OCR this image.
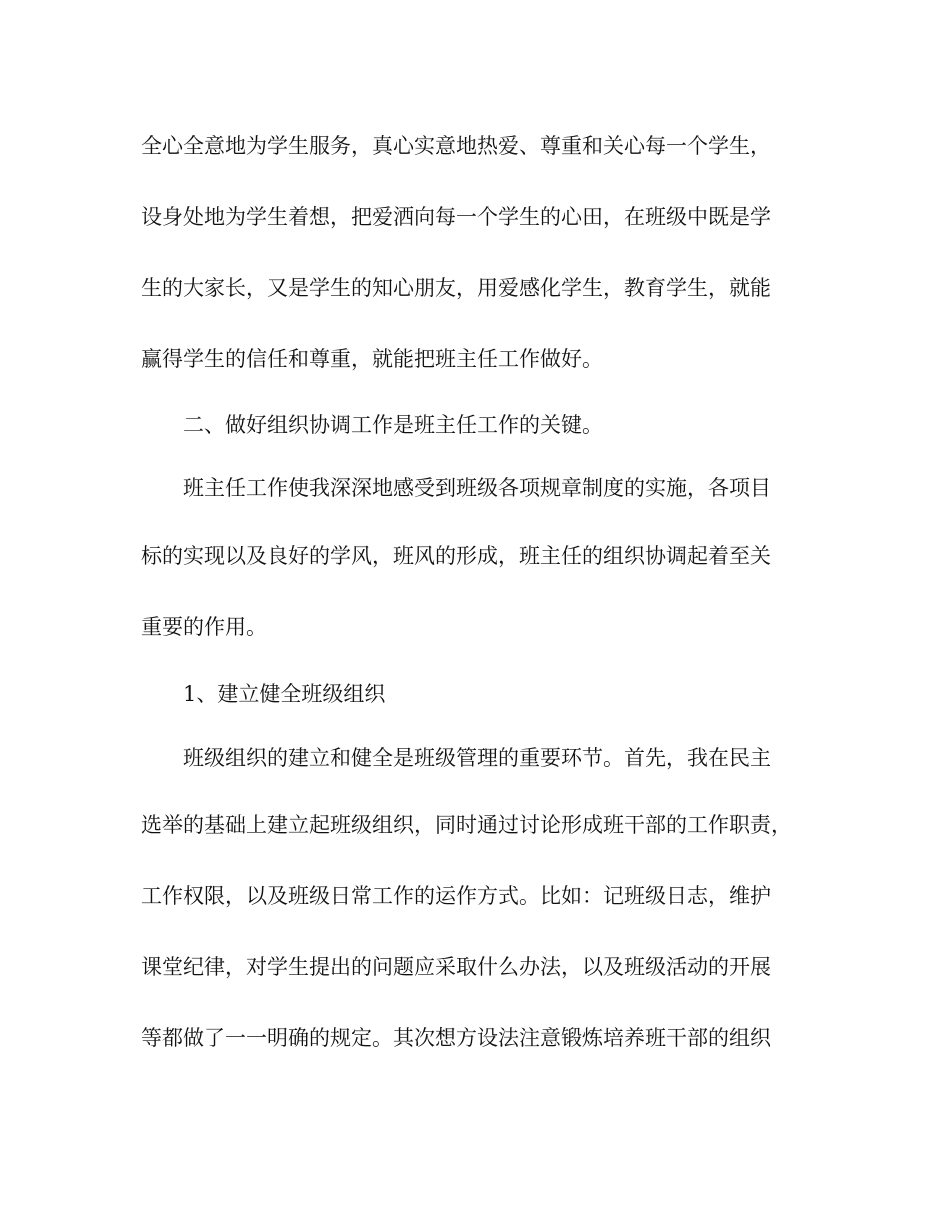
全心全意地为学生服务，真心实意地热爱、尊重和关心每一个学生，

设身处地为学生着想，把爱洒向每一个学生的心田，在班级中既是学

生的大家长，又是学生的知心朋友，用爱感化学生，教育学生，就能

赢得学生的信任和尊重，就能把班主任工作做好。

二、做好组织协调工作是班主任工作的关键。

班主任工作使我深深地感受到班级各项规章制度的实施，各项目

标的实现以及良好的学风，班风的形成，班主任的组织协调起着至关

重要的作用。

1、建立健全班级组织

班级组织的建立和健全是班级管理的重要环节。首先，我在民主

选举的基础上建立起班级组织，同时通过讨论形成班干部的工作职责，

工作权限，以及班级日常工作的运作方式。比如：记班级日志，维护

课堂纪律，对学生提出的问题应采取什么办法，以及班级活动的开展

等都做了一一明确的规定。其次想方设法注意锻炼培养班干部的组织
